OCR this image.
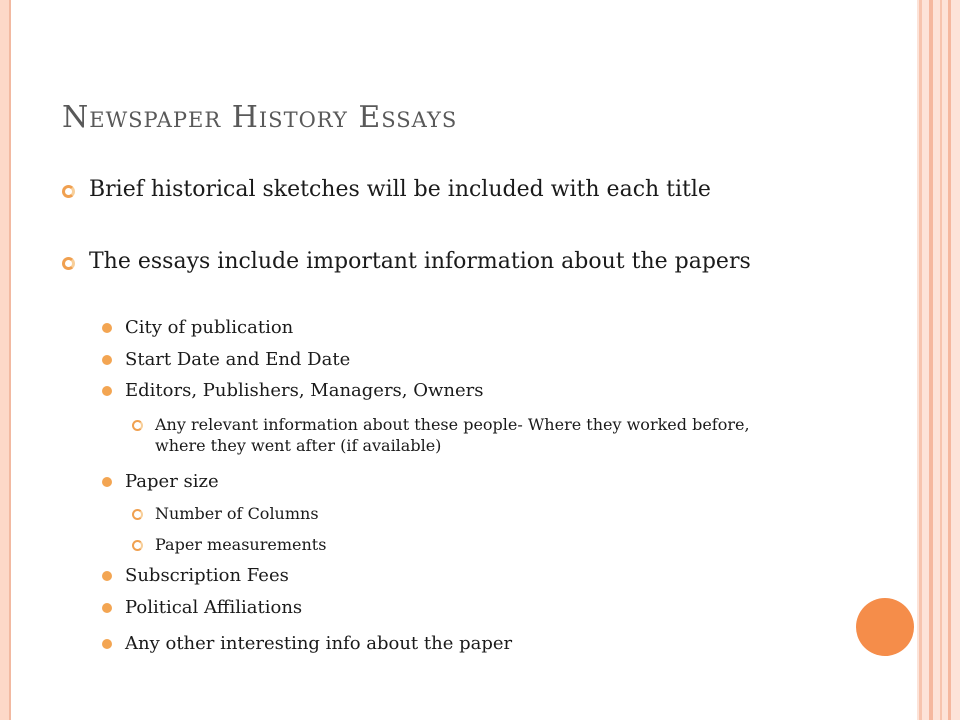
Newspaper History Essays
Brief historical sketches will be included with each title
The essays include important information about the papers
City of publication
Start Date and End Date
Editors, Publishers, Managers, Owners
Any relevant information about these people- Where they worked before, where they went after (if available)
Paper size
Number of Columns
Paper measurements
Subscription Fees
Political Affiliations
Any other interesting info about the paper
